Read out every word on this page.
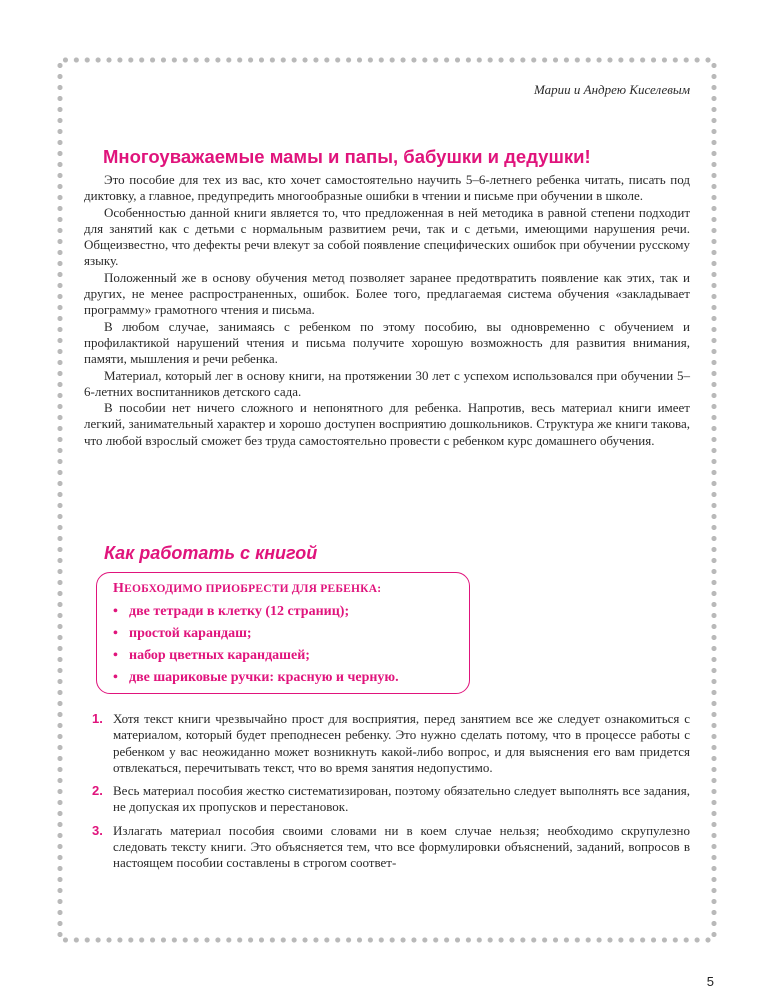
Марии и Андрею Киселевым
Многоуважаемые мамы и папы, бабушки и дедушки!

Это пособие для тех из вас, кто хочет самостоятельно научить 5–6-летнего ребенка читать, писать под диктовку, а главное, предупредить многообразные ошибки в чтении и письме при обучении в школе.

Особенностью данной книги является то, что предложенная в ней методика в равной степени подходит для занятий как с детьми с нормальным развитием речи, так и с детьми, имеющими нарушения речи. Общеизвестно, что дефекты речи влекут за собой появление специфических ошибок при обучении русскому языку.

Положенный же в основу обучения метод позволяет заранее предотвратить появление как этих, так и других, не менее распространенных, ошибок. Более того, предлагаемая система обучения «закладывает программу» грамотного чтения и письма.

В любом случае, занимаясь с ребенком по этому пособию, вы одновременно с обучением и профилактикой нарушений чтения и письма получите хорошую возможность для развития внимания, памяти, мышления и речи ребенка.

Материал, который лег в основу книги, на протяжении 30 лет с успехом использовался при обучении 5–6-летних воспитанников детского сада.

В пособии нет ничего сложного и непонятного для ребенка. Напротив, весь материал книги имеет легкий, занимательный характер и хорошо доступен восприятию дошкольников. Структура же книги такова, что любой взрослый сможет без труда самостоятельно провести с ребенком курс домашнего обучения.

Как работать с книгой
НЕОБХОДИМО ПРИОБРЕСТИ ДЛЯ РЕБЕНКА:
• две тетради в клетку (12 страниц);
• простой карандаш;
• набор цветных карандашей;
• две шариковые ручки: красную и черную.
1. Хотя текст книги чрезвычайно прост для восприятия, перед занятием все же следует ознакомиться с материалом, который будет преподнесен ребенку. Это нужно сделать потому, что в процессе работы с ребенком у вас неожиданно может возникнуть какой-либо вопрос, и для выяснения его вам придется отвлекаться, перечитывать текст, что во время занятия недопустимо.
2. Весь материал пособия жестко систематизирован, поэтому обязательно следует выполнять все задания, не допуская их пропусков и перестановок.
3. Излагать материал пособия своими словами ни в коем случае нельзя; необходимо скрупулезно следовать тексту книги. Это объясняется тем, что все формулировки объяснений, заданий, вопросов в настоящем пособии составлены в строгом соответ-
5
